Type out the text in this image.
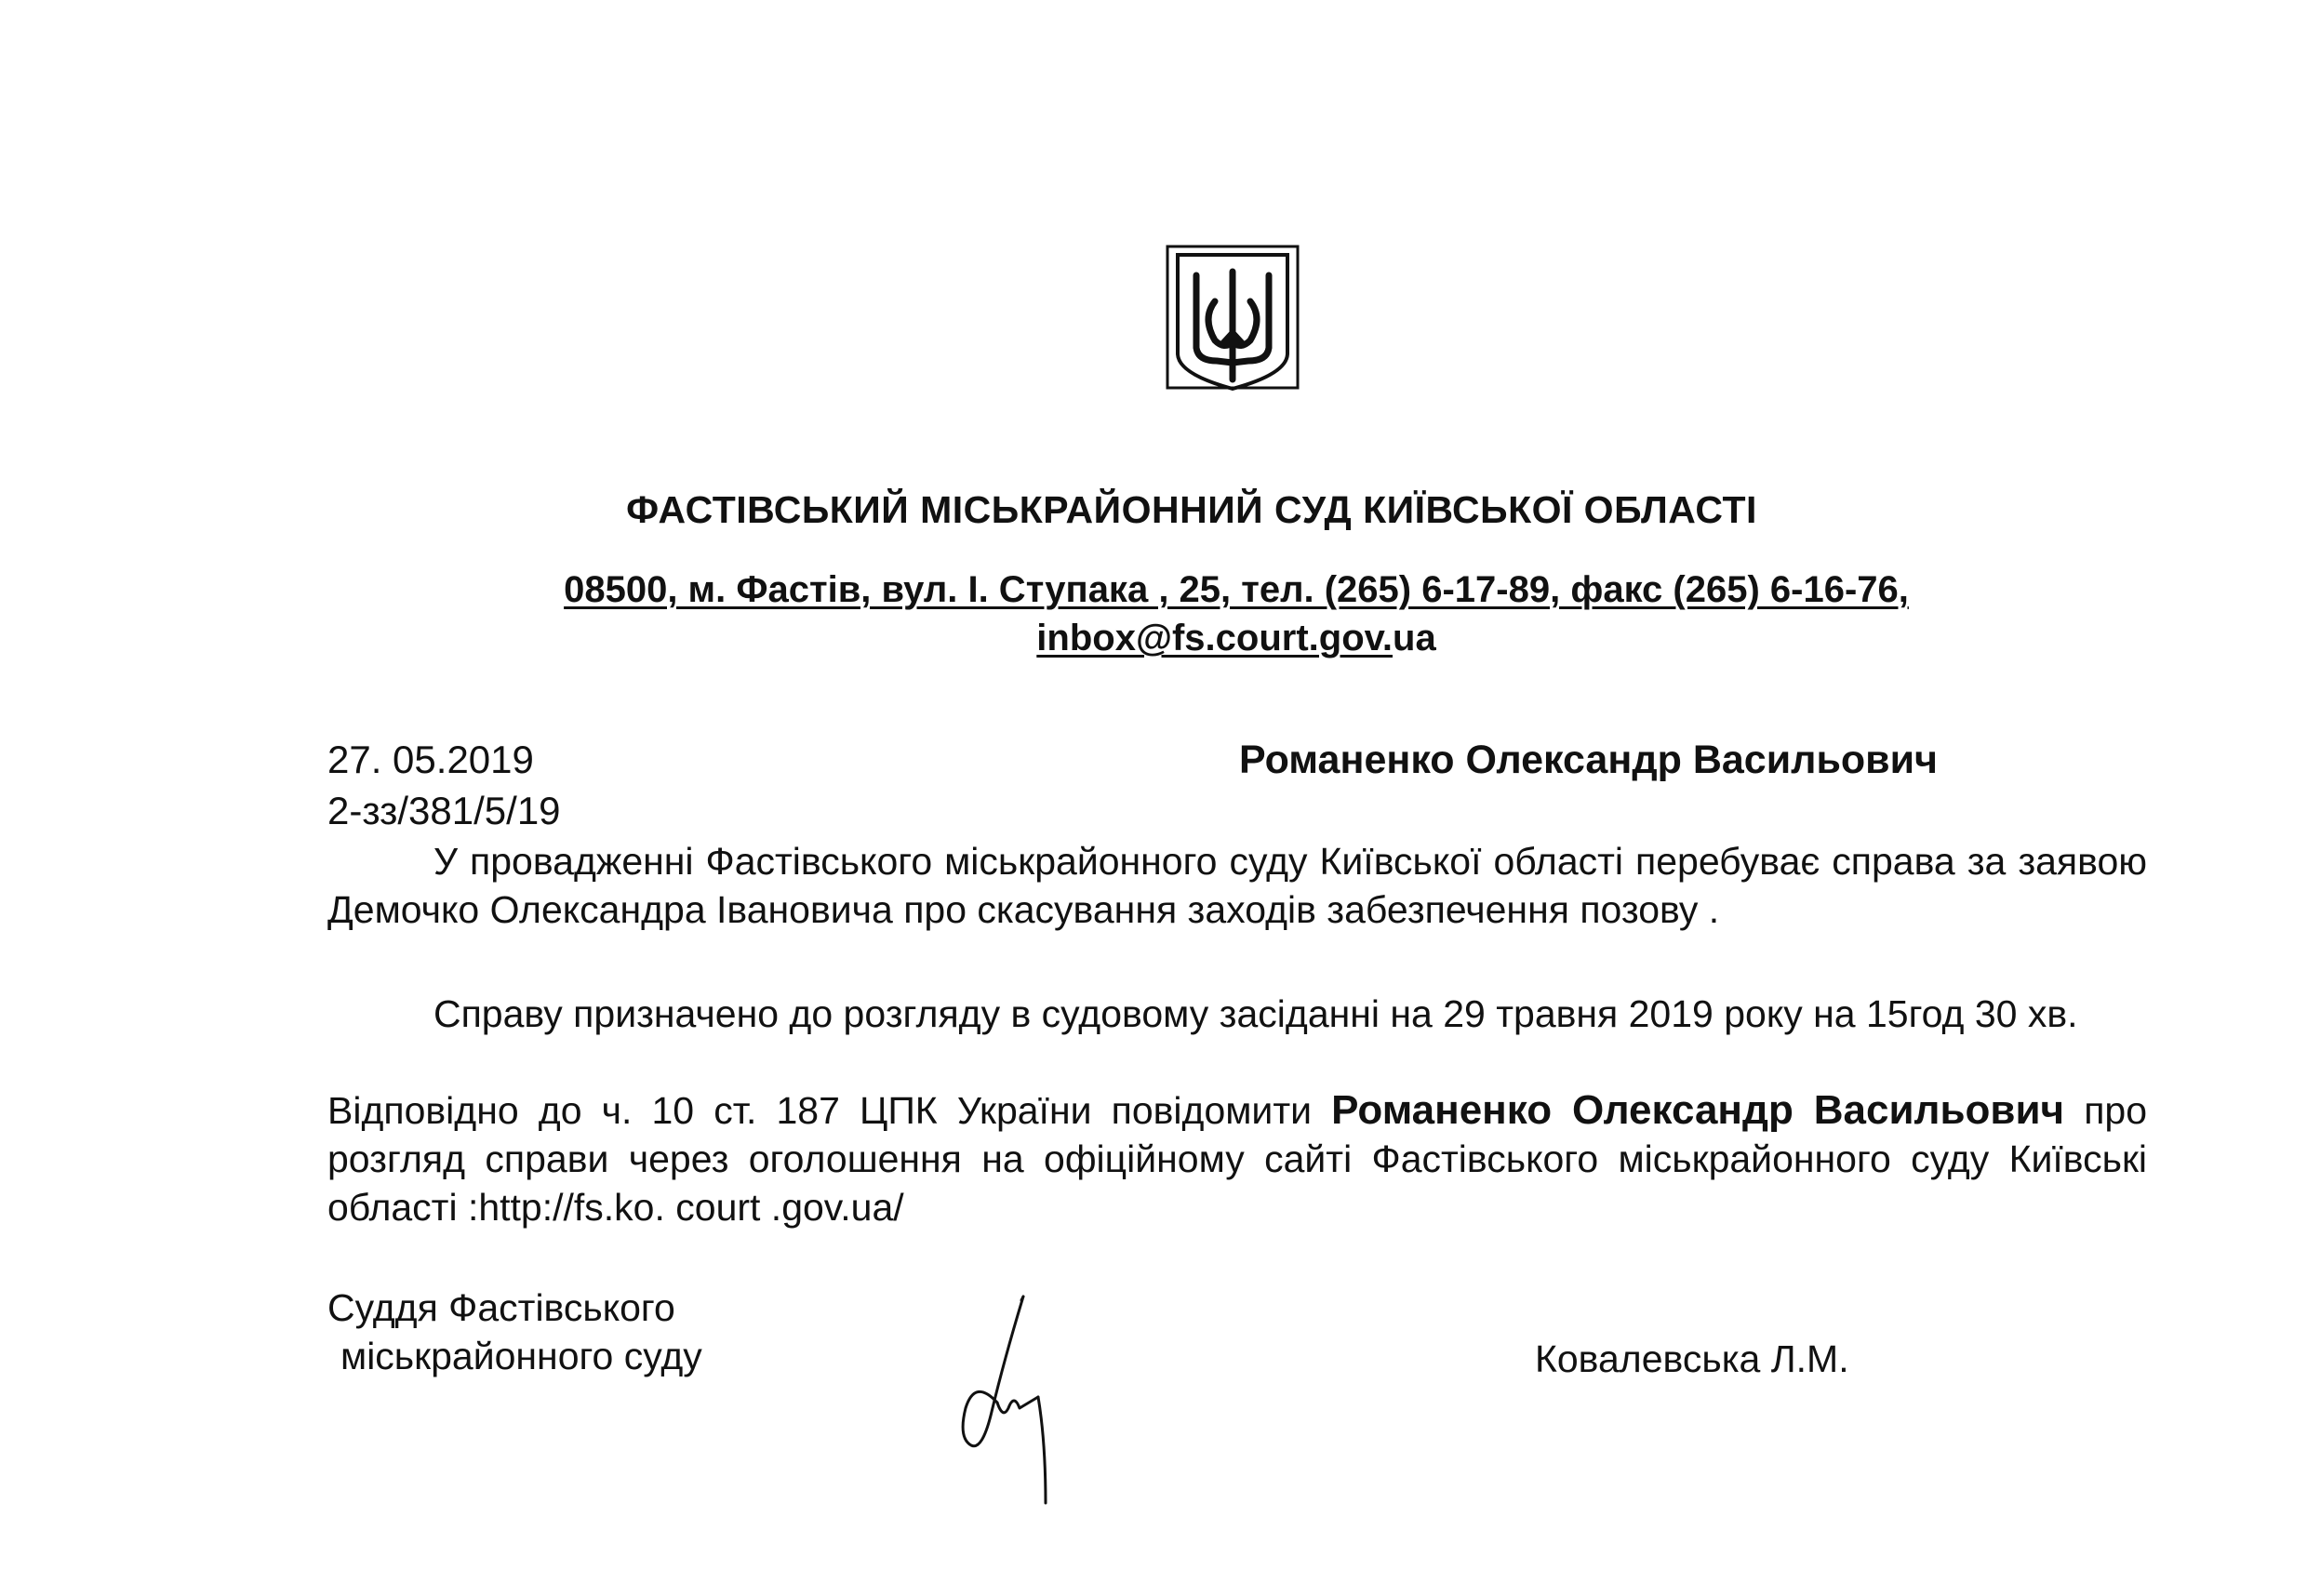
ФАСТІВСЬКИЙ МІСЬКРАЙОННИЙ СУД КИЇВСЬКОЇ ОБЛАСТІ
08500, м. Фастів, вул. І. Ступака , 25, тел. (265) 6-17-89, факс (265) 6-16-76,
inbox@fs.court.gov.ua
27. 05.2019
2-зз/381/5/19
Романенко Олександр Васильович
У провадженні Фастівського міськрайонного суду Київської області перебуває справа за заявою Демочко Олександра Івановича про скасування заходів забезпечення позову .
Справу призначено до розгляду в судовому засіданні на 29 травня 2019 року на 15год 30 хв.
Відповідно до ч. 10 ст. 187 ЦПК України повідомити Романенко Олександр Васильович про розгляд справи через оголошення на офіційному сайті Фастівського міськрайонного суду Київські області :http://fs.ko. court .gov.ua/
Суддя Фастівського
міськрайонного суду	Ковалевська Л.М.
